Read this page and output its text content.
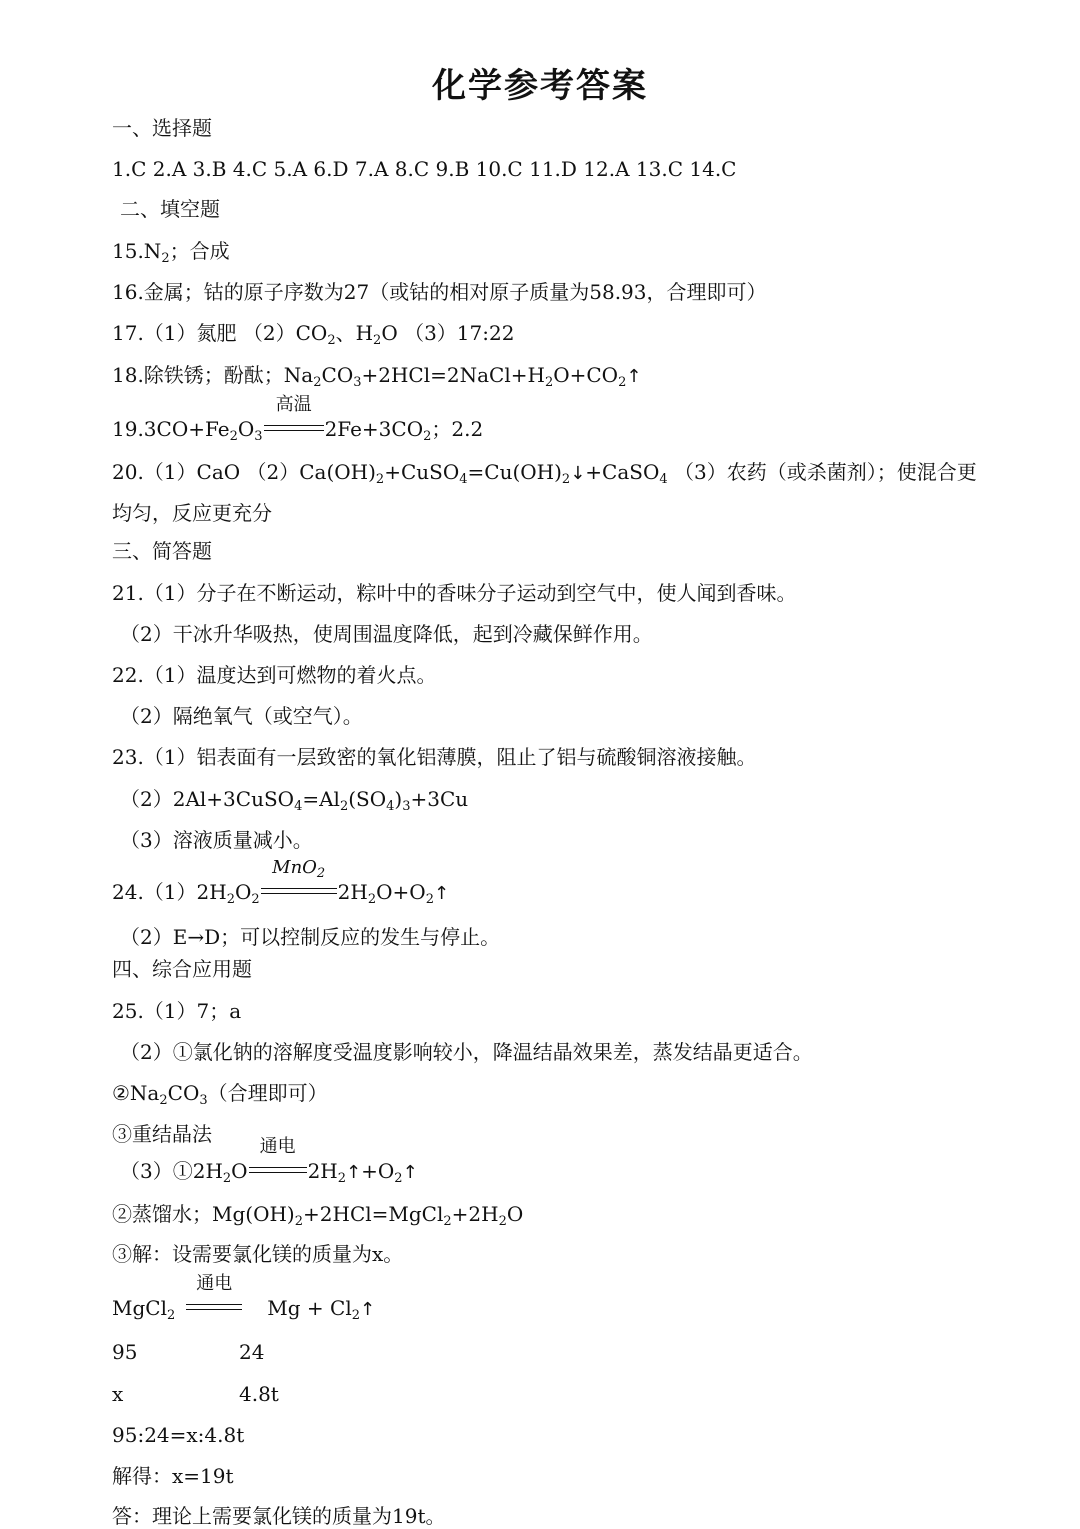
化学参考答案
一、选择题
1.C 2.A 3.B 4.C 5.A 6.D 7.A 8.C 9.B 10.C 11.D 12.A 13.C 14.C
二、填空题
$15.N_2$；合成
16.金属；钴的原子序数为27（或钴的相对原子质量为58.93，合理即可）
17.（1）氮肥 $(2)CO_2$、$H_2O$ （3）17:22
18.除铁锈；酚酞；$Na_2CO_3+2HCl=2NaCl+H_2O+CO_2↑$
$19.3CO+Fe_2O_3$
高温
$2Fe+3CO_2$；2.2
20.（1）CaO $(2)Ca(OH)_2+CuSO_4=Cu(OH)_2↓+CaSO_4$ （3）农药（或杀菌剂）；使混合更
均匀，反应更充分
三、简答题
21.（1）分子在不断运动，粽叶中的香味分子运动到空气中，使人闻到香味。
（2）干冰升华吸热，使周围温度降低，起到冷藏保鲜作用。
22.（1）温度达到可燃物的着火点。
（2）隔绝氧气（或空气）。
23.（1）铝表面有一层致密的氧化铝薄膜，阻止了铝与硫酸铜溶液接触。
$(2)2Al+3CuSO_4=Al_2(SO_4)_3+3Cu$
（3）溶液质量减小。
$24.(1)2H_2O_2$
MnO$_2$
$2H_2O+O_2↑$
（2）E→D；可以控制反应的发生与停止。
四、综合应用题
25.（1）7；a
（2）①氯化钠的溶解度受温度影响较小，降温结晶效果差，蒸发结晶更适合。
$②Na_2CO_3$（合理即可）
③重结晶法
$(3)①2H_2O$
通电
$2H_2↑+O_2↑$
②蒸馏水；$Mg(OH)_2+2HCl=MgCl_2+2H_2O$
③解：设需要氯化镁的质量为x。
MgCl$_2$
通电
$Mg + Cl_2↑$
95	24
x	4.8t
95:24=x:4.8t
解得：x=19t
答：理论上需要氯化镁的质量为19t。
